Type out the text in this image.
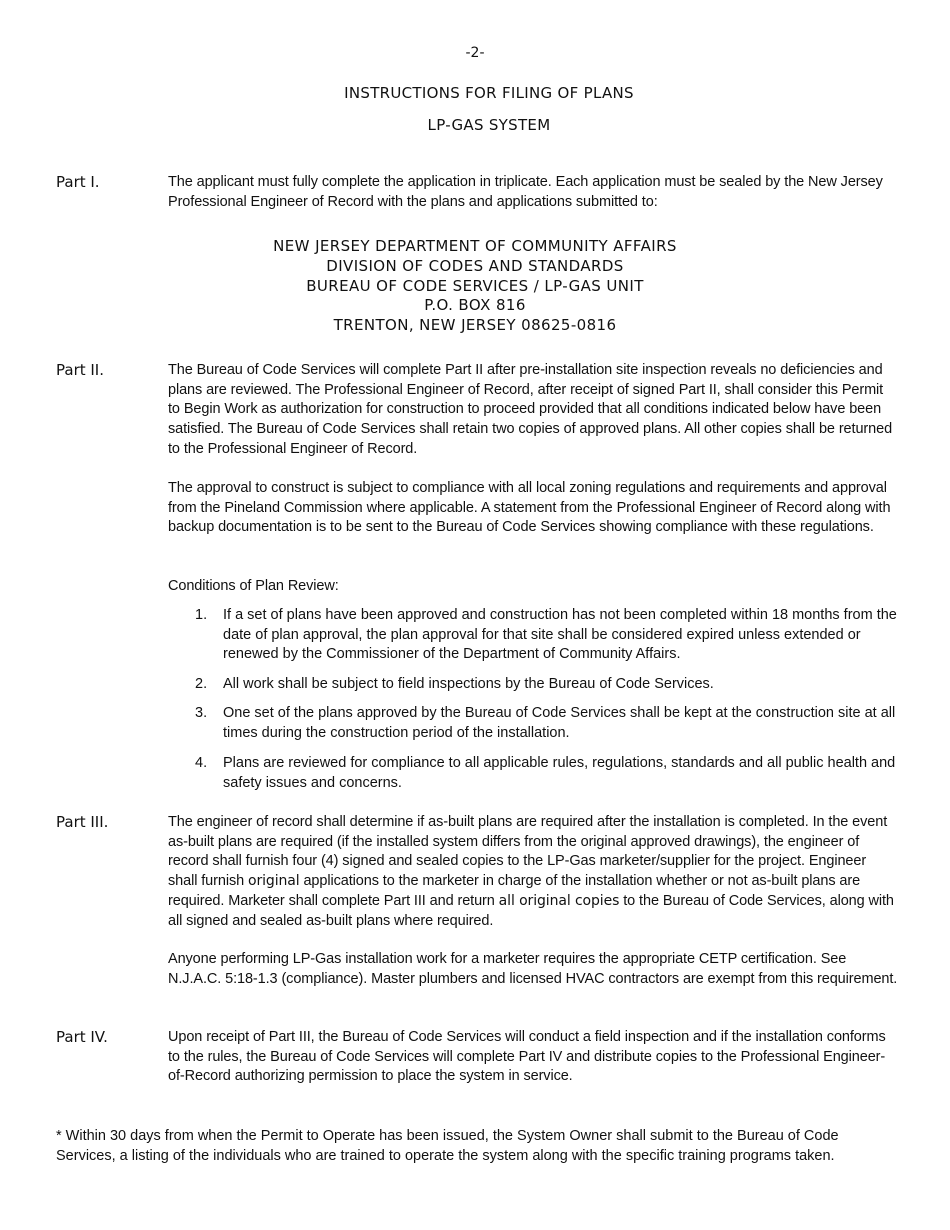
-2-
INSTRUCTIONS FOR FILING OF PLANS
LP-GAS SYSTEM
Part I.	The applicant must fully complete the application in triplicate. Each application must be sealed by the New Jersey Professional Engineer of Record with the plans and applications submitted to:

NEW JERSEY DEPARTMENT OF COMMUNITY AFFAIRS
DIVISION OF CODES AND STANDARDS
BUREAU OF CODE SERVICES / LP-GAS UNIT
P.O. BOX 816
TRENTON, NEW JERSEY 08625-0816
Part II.	The Bureau of Code Services will complete Part II after pre-installation site inspection reveals no deficiencies and plans are reviewed. The Professional Engineer of Record, after receipt of signed Part II, shall consider this Permit to Begin Work as authorization for construction to proceed provided that all conditions indicated below have been satisfied. The Bureau of Code Services shall retain two copies of approved plans. All other copies shall be returned to the Professional Engineer of Record.

The approval to construct is subject to compliance with all local zoning regulations and requirements and approval from the Pineland Commission where applicable. A statement from the Professional Engineer of Record along with backup documentation is to be sent to the Bureau of Code Services showing compliance with these regulations.

Conditions of Plan Review:

1. If a set of plans have been approved and construction has not been completed within 18 months from the date of plan approval, the plan approval for that site shall be considered expired unless extended or renewed by the Commissioner of the Department of Community Affairs.
2. All work shall be subject to field inspections by the Bureau of Code Services.
3. One set of the plans approved by the Bureau of Code Services shall be kept at the construction site at all times during the construction period of the installation.
4. Plans are reviewed for compliance to all applicable rules, regulations, standards and all public health and safety issues and concerns.
Part III.	The engineer of record shall determine if as-built plans are required after the installation is completed. In the event as-built plans are required (if the installed system differs from the original approved drawings), the engineer of record shall furnish four (4) signed and sealed copies to the LP-Gas marketer/supplier for the project. Engineer shall furnish original applications to the marketer in charge of the installation whether or not as-built plans are required. Marketer shall complete Part III and return all original copies to the Bureau of Code Services, along with all signed and sealed as-built plans where required.

Anyone performing LP-Gas installation work for a marketer requires the appropriate CETP certification. See N.J.A.C. 5:18-1.3 (compliance). Master plumbers and licensed HVAC contractors are exempt from this requirement.

Part IV.	Upon receipt of Part III, the Bureau of Code Services will conduct a field inspection and if the installation conforms to the rules, the Bureau of Code Services will complete Part IV and distribute copies to the Professional Engineer-of-Record authorizing permission to place the system in service.

* Within 30 days from when the Permit to Operate has been issued, the System Owner shall submit to the Bureau of Code Services, a listing of the individuals who are trained to operate the system along with the specific training programs taken.
